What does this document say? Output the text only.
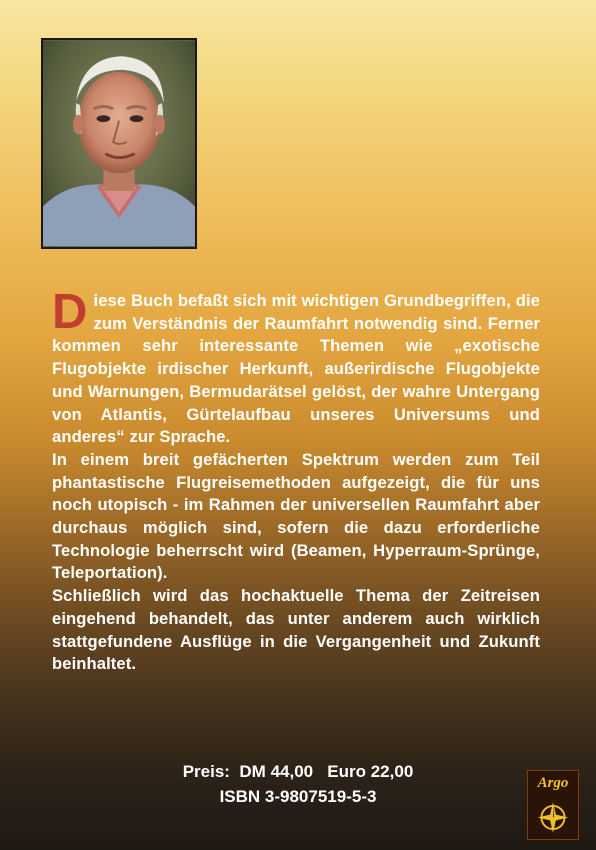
Diese Buch befaßt sich mit wichtigen Grundbegriffen, die zum Verständnis der Raumfahrt notwendig sind. Ferner kommen sehr interessante Themen wie „exotische Flugobjekte irdischer Herkunft, außerirdische Flugobjekte und Warnungen, Bermudarätsel gelöst, der wahre Untergang von Atlantis, Gürtelaufbau unseres Universums und anderes“ zur Sprache.

In einem breit gefächerten Spektrum werden zum Teil phantastische Flugreisemethoden aufgezeigt, die für uns noch utopisch - im Rahmen der universellen Raumfahrt aber durchaus möglich sind, sofern die dazu erforderliche Technologie beherrscht wird (Beamen, Hyperraum-Sprünge, Teleportation).

Schließlich wird das hochaktuelle Thema der Zeitreisen eingehend behandelt, das unter anderem auch wirklich stattgefundene Ausflüge in die Vergangenheit und Zukunft beinhaltet.

Preis: DM 44,00 Euro 22,00
ISBN 3-9807519-5-3
Argo
